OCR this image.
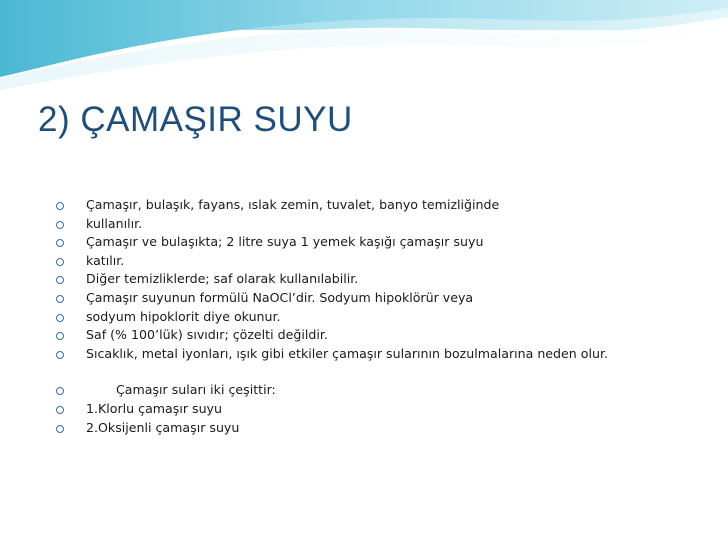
2) ÇAMAŞIR SUYU
Çamaşır, bulaşık, fayans, ıslak zemin, tuvalet, banyo temizliğinde
kullanılır.
Çamaşır ve bulaşıkta; 2 litre suya 1 yemek kaşığı çamaşır suyu
katılır.
Diğer temizliklerde; saf olarak kullanılabilir.
Çamaşır suyunun formülü NaOCl’dir. Sodyum hipoklörür veya
sodyum hipoklorit diye okunur.
Saf (% 100’lük) sıvıdır; çözelti değildir.
Sıcaklık, metal iyonları, ışık gibi etkiler çamaşır sularının bozulmalarına neden olur.
Çamaşır suları iki çeşittir:
1.Klorlu çamaşır suyu
2.Oksijenli çamaşır suyu
